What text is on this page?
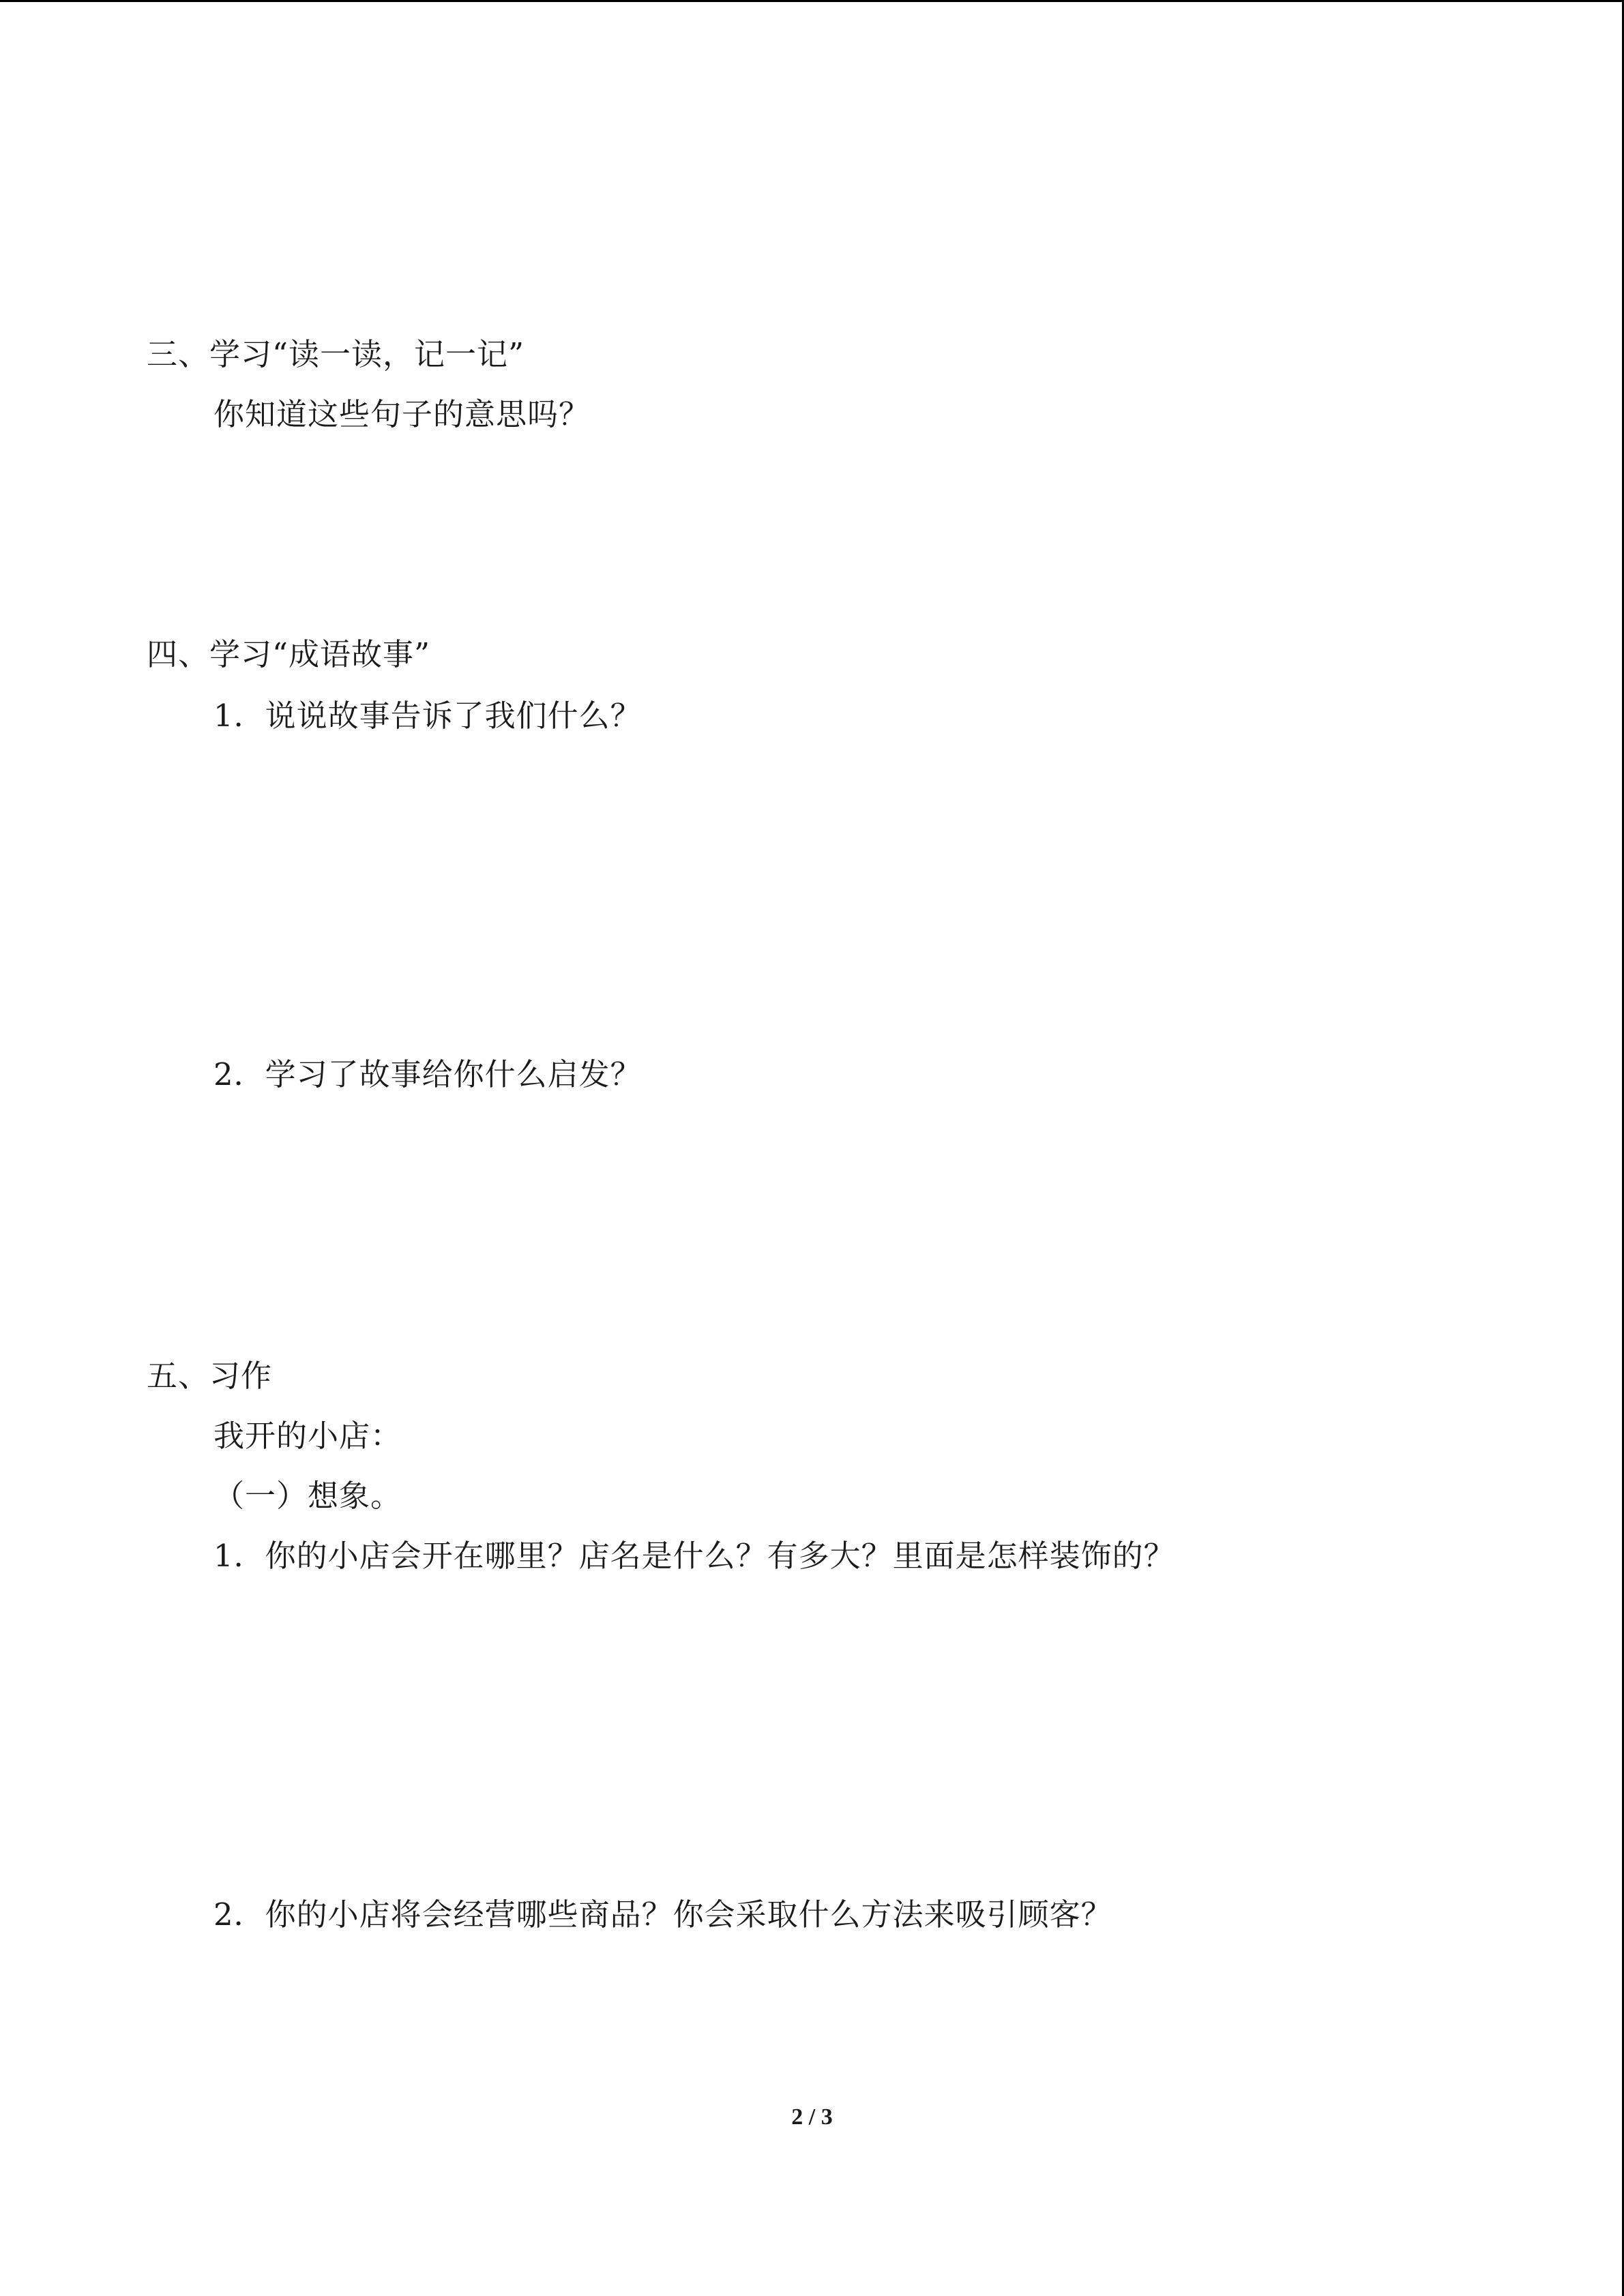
三、学习“读一读，记一记”
你知道这些句子的意思吗？
四、学习“成语故事”
1．说说故事告诉了我们什么？
2．学习了故事给你什么启发？
五、习作
我开的小店：
（一）想象。
1．你的小店会开在哪里？店名是什么？有多大？里面是怎样装饰的？
2．你的小店将会经营哪些商品？你会采取什么方法来吸引顾客？
2 / 3
